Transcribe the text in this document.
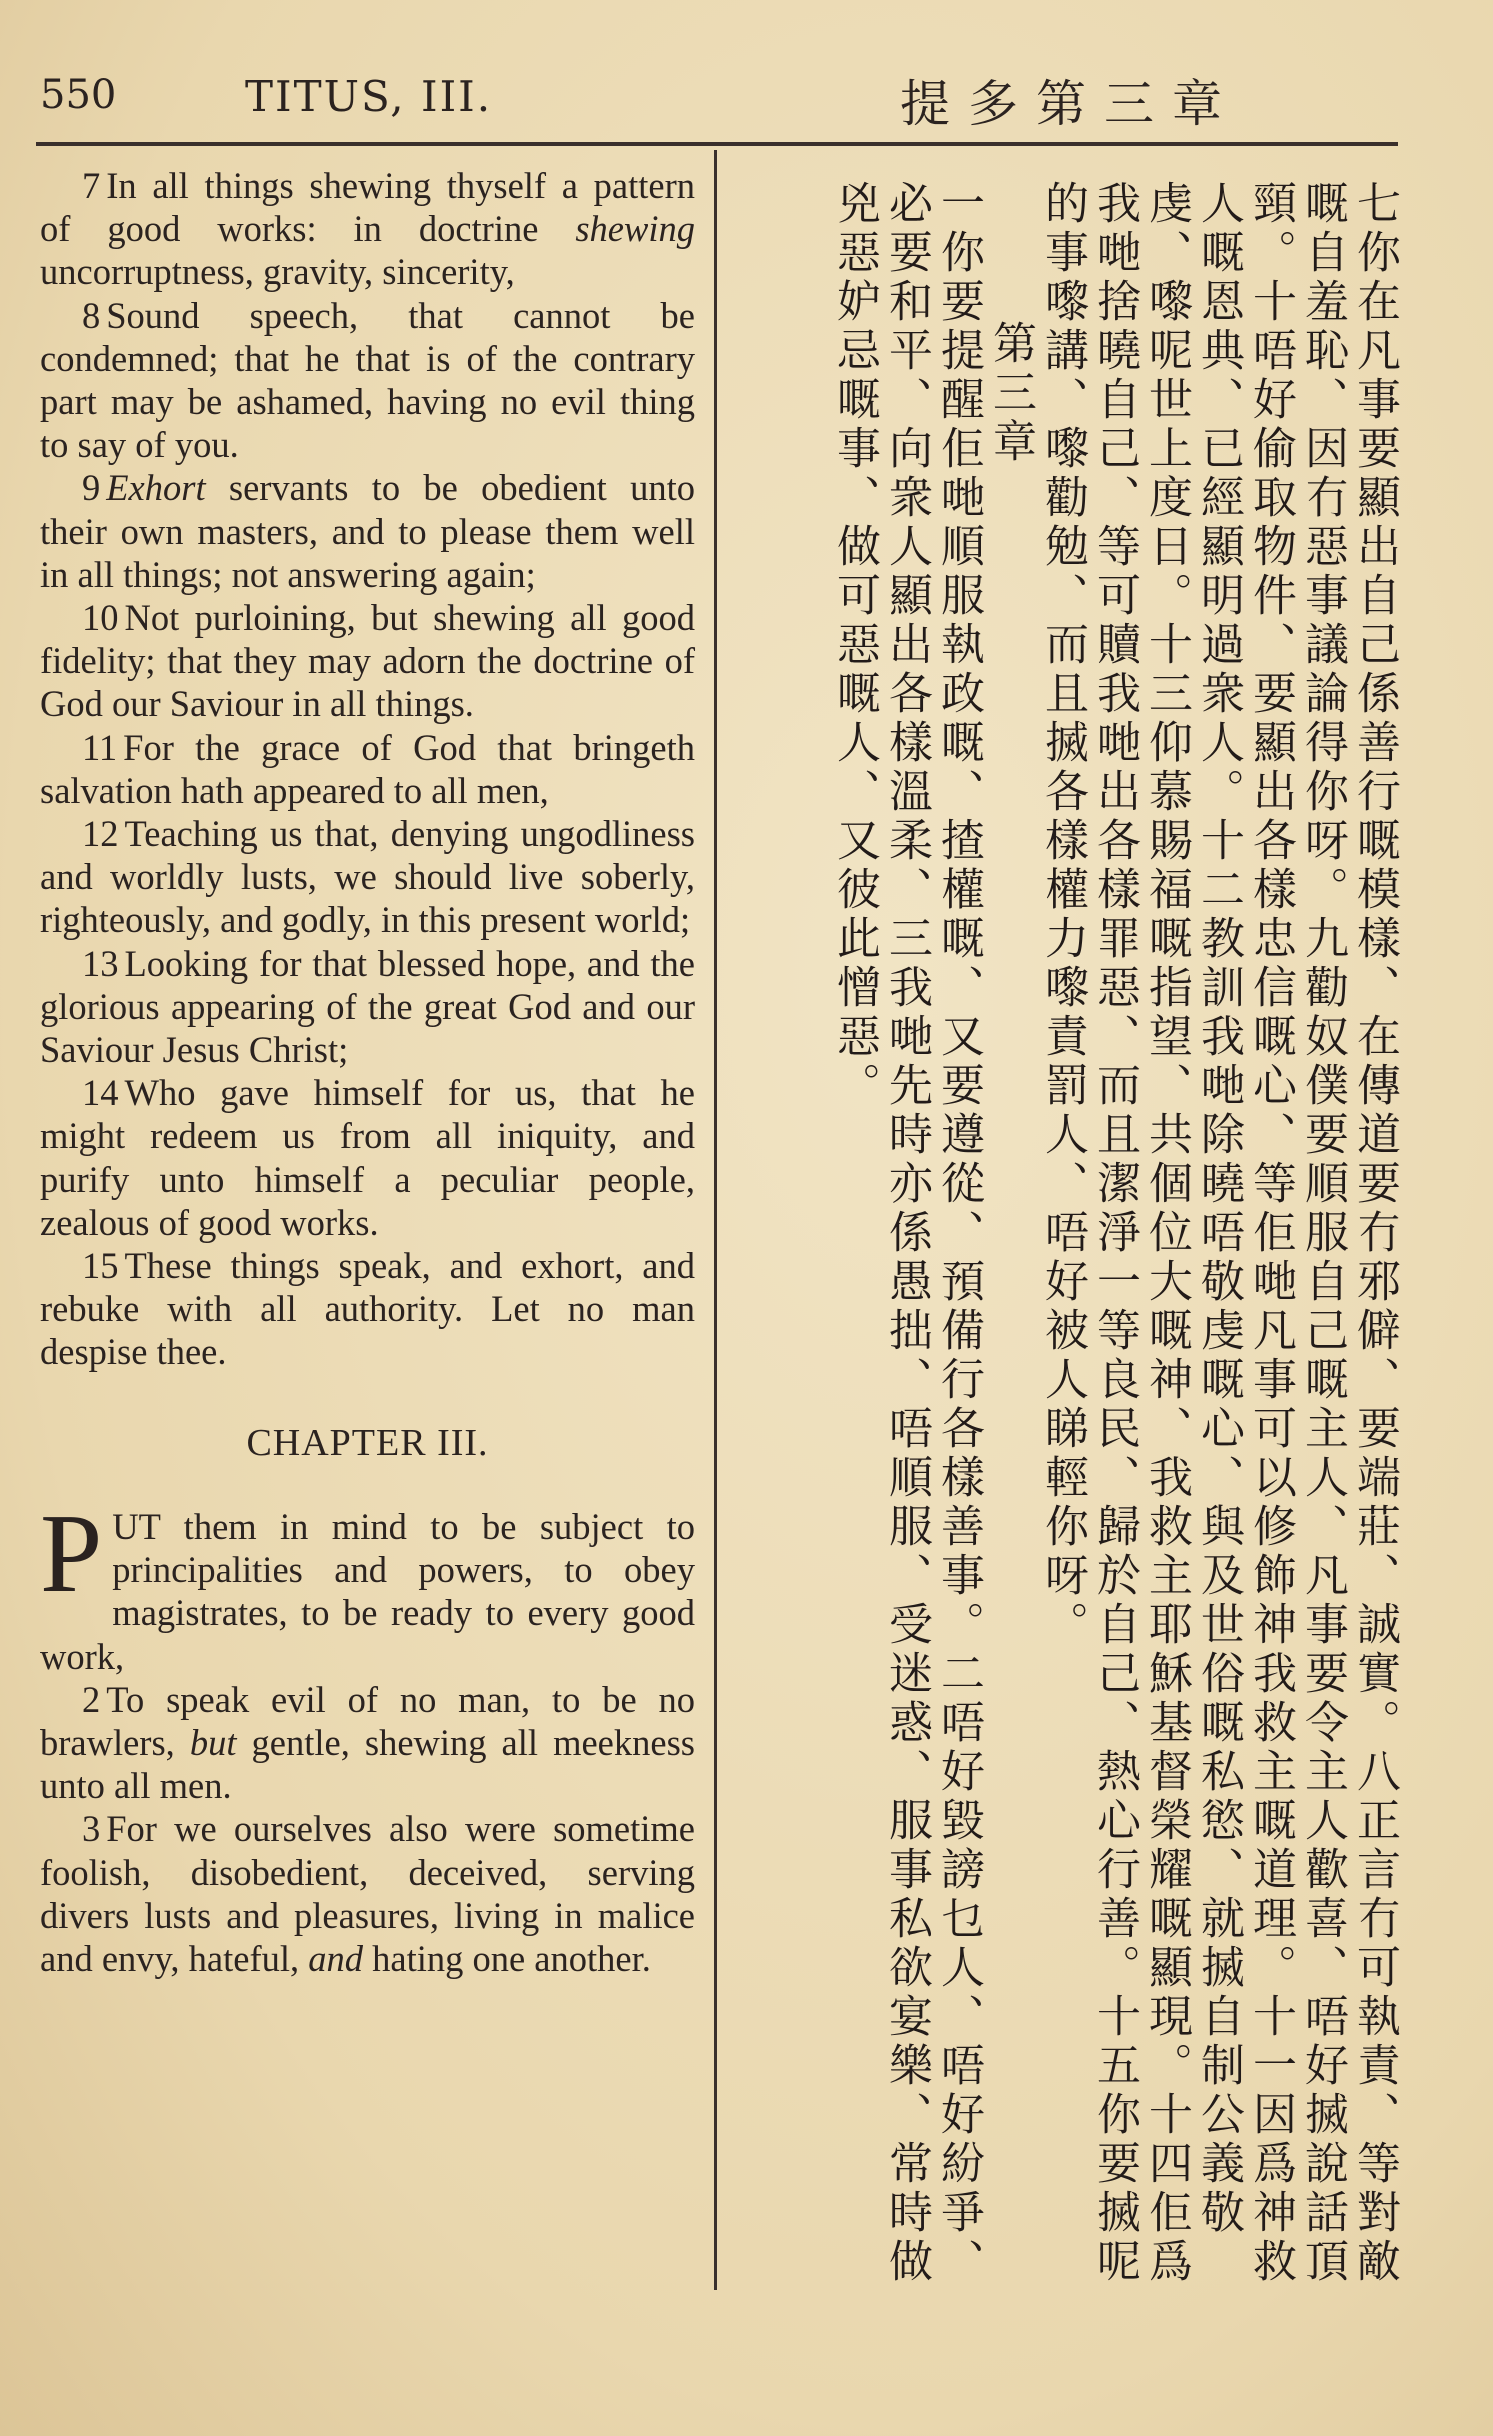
550	TITUS, III.	提多第三章

7 In all things shewing thyself a pattern of good works: in doctrine shewing uncorruptness, gravity, sincerity,

8 Sound speech, that cannot be condemned; that he that is of the contrary part may be ashamed, having no evil thing to say of you.

9 Exhort servants to be obedient unto their own masters, and to please them well in all things; not answering again;

10 Not purloining, but shewing all good fidelity; that they may adorn the doctrine of God our Saviour in all things.

11 For the grace of God that bringeth salvation hath appeared to all men,

12 Teaching us that, denying ungodliness and worldly lusts, we should live soberly, righteously, and godly, in this present world;

13 Looking for that blessed hope, and the glorious appearing of the great God and our Saviour Jesus Christ;

14 Who gave himself for us, that he might redeem us from all iniquity, and purify unto himself a peculiar people, zealous of good works.

15 These things speak, and exhort, and rebuke with all authority. Let no man despise thee.

CHAPTER III.

PUT them in mind to be subject to principalities and powers, to obey magistrates, to be ready to every good work,

2 To speak evil of no man, to be no brawlers, but gentle, shewing all meekness unto all men.

3 For we ourselves also were sometime foolish, disobedient, deceived, serving divers lusts and pleasures, living in malice and envy, hateful, and hating one another.	七你在凡事要顯出自己係善行嘅模樣、在傳道要冇邪僻、要端莊、誠實。八正言冇可執責、等對敵嘅自羞恥、因冇惡事議論得你呀。九勸奴僕要順服自己嘅主人、凡事要令主人歡喜、唔好搣說話頂頸。十唔好偷取物件、要顯出各樣忠信嘅心、等佢哋凡事可以修飾神我救主嘅道理。十一因爲神救人嘅恩典、已經顯明過衆人。十二教訓我哋除曉唔敬虔嘅心、與及世俗嘅私慾、就搣自制公義敬虔、嚟呢世上度日。十三仰慕賜福嘅指望、共個位大嘅神、我救主耶穌基督榮耀嘅顯現。十四佢爲我哋捨曉自己、等可贖我哋出各樣罪惡、而且潔淨一等良民、歸於自己、熱心行善。十五你要搣呢的事嚟講、嚟勸勉、而且搣各樣權力嚟責罰人、唔好被人睇輕你呀。

第三章

一你要提醒佢哋順服執政嘅、揸權嘅、又要遵從、預備行各樣善事。二唔好毀謗乜人、唔好紛爭、必要和平、向衆人顯出各樣溫柔、三我哋先時亦係愚拙、唔順服、受迷惑、服事私欲宴樂、常時做兇惡妒忌嘅事、做可惡嘅人、又彼此憎惡。
